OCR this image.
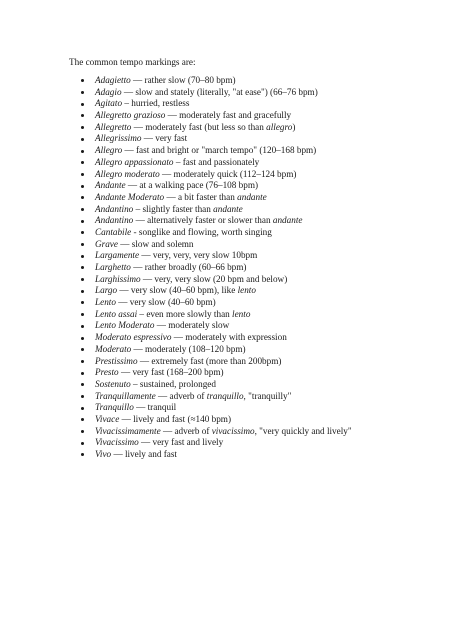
The common tempo markings are:
Adagietto — rather slow (70–80 bpm)
Adagio — slow and stately (literally, "at ease") (66–76 bpm)
Agitato – hurried, restless
Allegretto grazioso — moderately fast and gracefully
Allegretto — moderately fast (but less so than allegro)
Allegrissimo — very fast
Allegro — fast and bright or "march tempo" (120–168 bpm)
Allegro appassionato – fast and passionately
Allegro moderato — moderately quick (112–124 bpm)
Andante — at a walking pace (76–108 bpm)
Andante Moderato — a bit faster than andante
Andantino – slightly faster than andante
Andantino — alternatively faster or slower than andante
Cantabile - songlike and flowing, worth singing
Grave — slow and solemn
Largamente — very, very, very slow 10bpm
Larghetto — rather broadly (60–66 bpm)
Larghissimo — very, very slow (20 bpm and below)
Largo — very slow (40–60 bpm), like lento
Lento — very slow (40–60 bpm)
Lento assai – even more slowly than lento
Lento Moderato — moderately slow
Moderato espressivo — moderately with expression
Moderato — moderately (108–120 bpm)
Prestissimo — extremely fast (more than 200bpm)
Presto — very fast (168–200 bpm)
Sostenuto – sustained, prolonged
Tranquillamente — adverb of tranquillo, "tranquilly"
Tranquillo — tranquil
Vivace — lively and fast (≈140 bpm)
Vivacissimamente — adverb of vivacissimo, "very quickly and lively"
Vivacissimo — very fast and lively
Vivo — lively and fast
